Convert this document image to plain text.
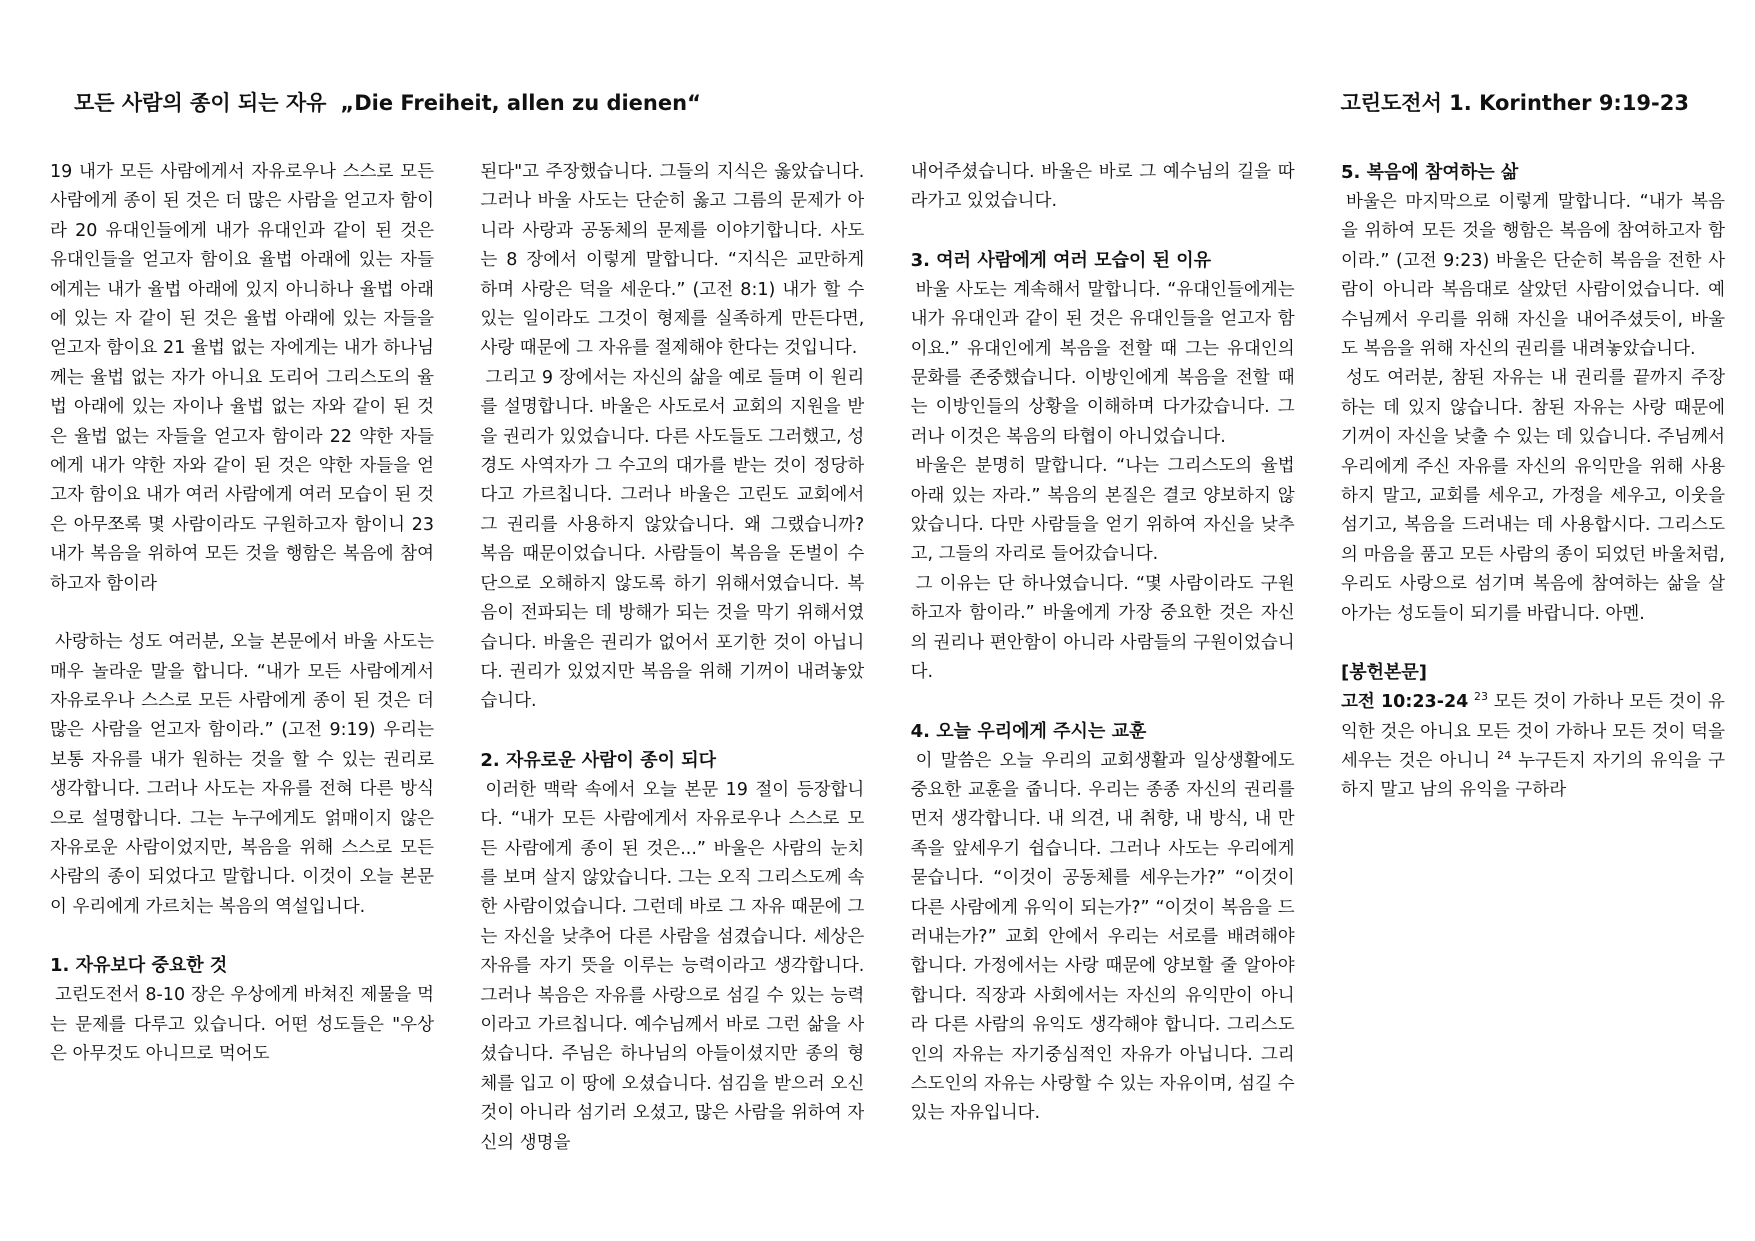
모든 사람의 종이 되는 자유 „Die Freiheit, allen zu dienen“	고린도전서 1. Korinther 9:19-23

19 내가 모든 사람에게서 자유로우나 스스로 모든 사람에게 종이 된 것은 더 많은 사람을 얻고자 함이라 20 유대인들에게 내가 유대인과 같이 된 것은 유대인들을 얻고자 함이요 율법 아래에 있는 자들에게는 내가 율법 아래에 있지 아니하나 율법 아래에 있는 자 같이 된 것은 율법 아래에 있는 자들을 얻고자 함이요 21 율법 없는 자에게는 내가 하나님께는 율법 없는 자가 아니요 도리어 그리스도의 율법 아래에 있는 자이나 율법 없는 자와 같이 된 것은 율법 없는 자들을 얻고자 함이라 22 약한 자들에게 내가 약한 자와 같이 된 것은 약한 자들을 얻고자 함이요 내가 여러 사람에게 여러 모습이 된 것은 아무쪼록 몇 사람이라도 구원하고자 함이니 23 내가 복음을 위하여 모든 것을 행함은 복음에 참여하고자 함이라

사랑하는 성도 여러분, 오늘 본문에서 바울 사도는 매우 놀라운 말을 합니다. “내가 모든 사람에게서 자유로우나 스스로 모든 사람에게 종이 된 것은 더 많은 사람을 얻고자 함이라.” (고전 9:19) 우리는 보통 자유를 내가 원하는 것을 할 수 있는 권리로 생각합니다. 그러나 사도는 자유를 전혀 다른 방식으로 설명합니다. 그는 누구에게도 얽매이지 않은 자유로운 사람이었지만, 복음을 위해 스스로 모든 사람의 종이 되었다고 말합니다. 이것이 오늘 본문이 우리에게 가르치는 복음의 역설입니다.

1. 자유보다 중요한 것

고린도전서 8-10 장은 우상에게 바쳐진 제물을 먹는 문제를 다루고 있습니다. 어떤 성도들은 "우상은 아무것도 아니므로 먹어도

된다"고 주장했습니다. 그들의 지식은 옳았습니다. 그러나 바울 사도는 단순히 옳고 그름의 문제가 아니라 사랑과 공동체의 문제를 이야기합니다. 사도는 8 장에서 이렇게 말합니다. “지식은 교만하게 하며 사랑은 덕을 세운다.” (고전 8:1) 내가 할 수 있는 일이라도 그것이 형제를 실족하게 만든다면, 사랑 때문에 그 자유를 절제해야 한다는 것입니다.

그리고 9 장에서는 자신의 삶을 예로 들며 이 원리를 설명합니다. 바울은 사도로서 교회의 지원을 받을 권리가 있었습니다. 다른 사도들도 그러했고, 성경도 사역자가 그 수고의 대가를 받는 것이 정당하다고 가르칩니다. 그러나 바울은 고린도 교회에서 그 권리를 사용하지 않았습니다. 왜 그랬습니까? 복음 때문이었습니다. 사람들이 복음을 돈벌이 수단으로 오해하지 않도록 하기 위해서였습니다. 복음이 전파되는 데 방해가 되는 것을 막기 위해서였습니다. 바울은 권리가 없어서 포기한 것이 아닙니다. 권리가 있었지만 복음을 위해 기꺼이 내려놓았습니다.

2. 자유로운 사람이 종이 되다

이러한 맥락 속에서 오늘 본문 19 절이 등장합니다. “내가 모든 사람에게서 자유로우나 스스로 모든 사람에게 종이 된 것은...” 바울은 사람의 눈치를 보며 살지 않았습니다. 그는 오직 그리스도께 속한 사람이었습니다. 그런데 바로 그 자유 때문에 그는 자신을 낮추어 다른 사람을 섬겼습니다. 세상은 자유를 자기 뜻을 이루는 능력이라고 생각합니다. 그러나 복음은 자유를 사랑으로 섬길 수 있는 능력이라고 가르칩니다. 예수님께서 바로 그런 삶을 사셨습니다. 주님은 하나님의 아들이셨지만 종의 형체를 입고 이 땅에 오셨습니다. 섬김을 받으러 오신 것이 아니라 섬기러 오셨고, 많은 사람을 위하여 자신의 생명을

내어주셨습니다. 바울은 바로 그 예수님의 길을 따라가고 있었습니다.

3. 여러 사람에게 여러 모습이 된 이유

바울 사도는 계속해서 말합니다. “유대인들에게는 내가 유대인과 같이 된 것은 유대인들을 얻고자 함이요.” 유대인에게 복음을 전할 때 그는 유대인의 문화를 존중했습니다. 이방인에게 복음을 전할 때는 이방인들의 상황을 이해하며 다가갔습니다. 그러나 이것은 복음의 타협이 아니었습니다.

바울은 분명히 말합니다. “나는 그리스도의 율법 아래 있는 자라.” 복음의 본질은 결코 양보하지 않았습니다. 다만 사람들을 얻기 위하여 자신을 낮추고, 그들의 자리로 들어갔습니다.

그 이유는 단 하나였습니다. “몇 사람이라도 구원하고자 함이라.” 바울에게 가장 중요한 것은 자신의 권리나 편안함이 아니라 사람들의 구원이었습니다.

4. 오늘 우리에게 주시는 교훈

이 말씀은 오늘 우리의 교회생활과 일상생활에도 중요한 교훈을 줍니다. 우리는 종종 자신의 권리를 먼저 생각합니다. 내 의견, 내 취향, 내 방식, 내 만족을 앞세우기 쉽습니다. 그러나 사도는 우리에게 묻습니다. “이것이 공동체를 세우는가?” “이것이 다른 사람에게 유익이 되는가?” “이것이 복음을 드러내는가?” 교회 안에서 우리는 서로를 배려해야 합니다. 가정에서는 사랑 때문에 양보할 줄 알아야 합니다. 직장과 사회에서는 자신의 유익만이 아니라 다른 사람의 유익도 생각해야 합니다. 그리스도인의 자유는 자기중심적인 자유가 아닙니다. 그리스도인의 자유는 사랑할 수 있는 자유이며, 섬길 수 있는 자유입니다.

5. 복음에 참여하는 삶

바울은 마지막으로 이렇게 말합니다. “내가 복음을 위하여 모든 것을 행함은 복음에 참여하고자 함이라.” (고전 9:23) 바울은 단순히 복음을 전한 사람이 아니라 복음대로 살았던 사람이었습니다. 예수님께서 우리를 위해 자신을 내어주셨듯이, 바울도 복음을 위해 자신의 권리를 내려놓았습니다.

성도 여러분, 참된 자유는 내 권리를 끝까지 주장하는 데 있지 않습니다. 참된 자유는 사랑 때문에 기꺼이 자신을 낮출 수 있는 데 있습니다. 주님께서 우리에게 주신 자유를 자신의 유익만을 위해 사용하지 말고, 교회를 세우고, 가정을 세우고, 이웃을 섬기고, 복음을 드러내는 데 사용합시다. 그리스도의 마음을 품고 모든 사람의 종이 되었던 바울처럼, 우리도 사랑으로 섬기며 복음에 참여하는 삶을 살아가는 성도들이 되기를 바랍니다. 아멘.

[봉헌본문]

고전 10:23-24 $^{23}$ 모든 것이 가하나 모든 것이 유익한 것은 아니요 모든 것이 가하나 모든 것이 덕을 세우는 것은 아니니 $^{24}$ 누구든지 자기의 유익을 구하지 말고 남의 유익을 구하라
